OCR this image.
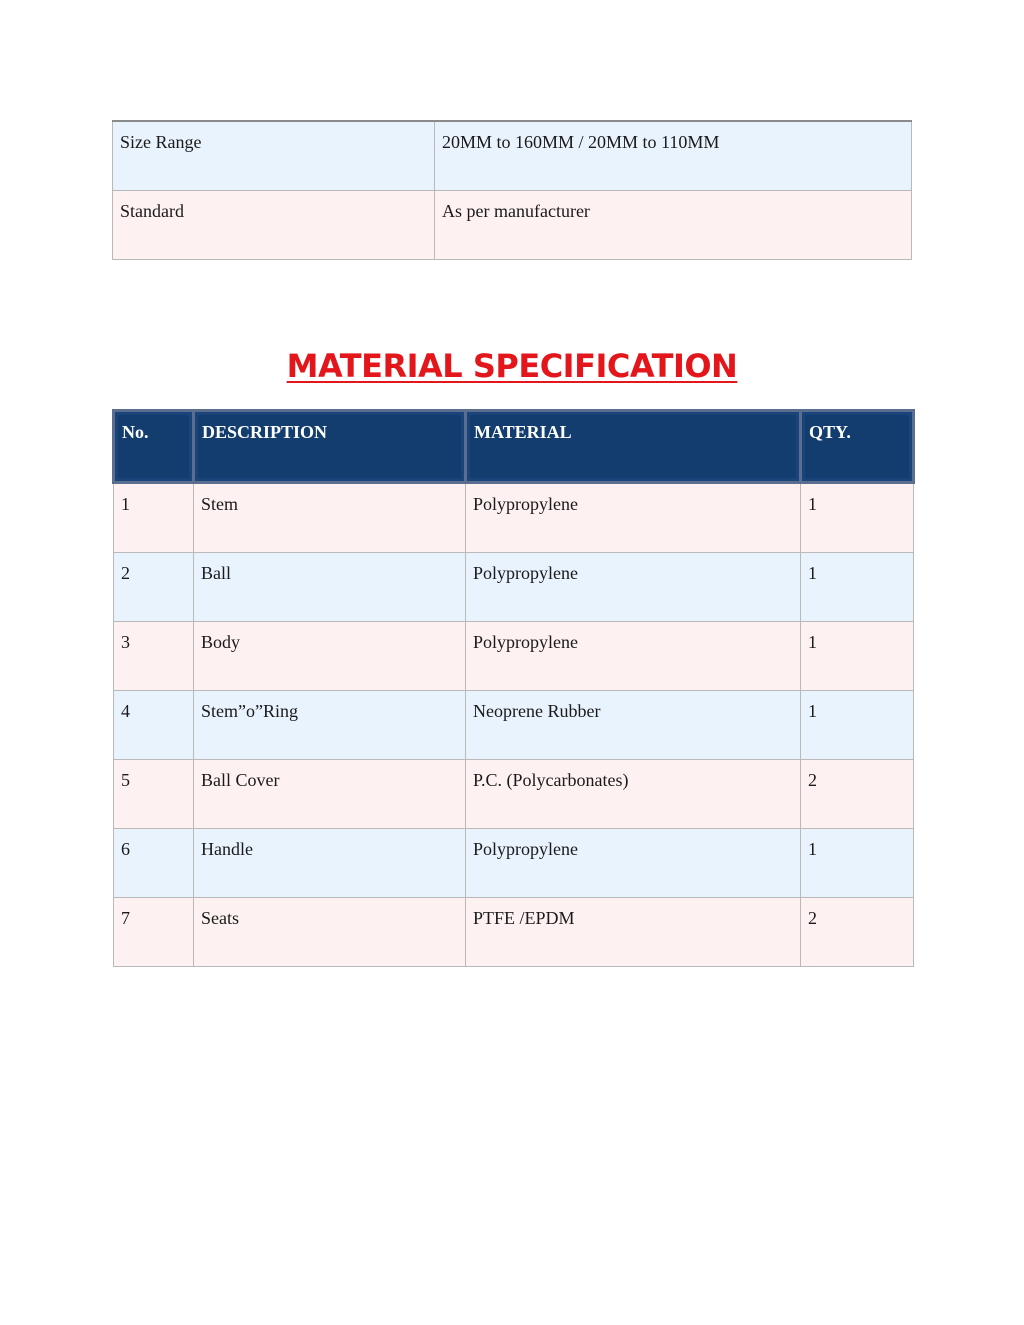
Size Range	20MM to 160MM / 20MM to 110MM
Standard	As per manufacturer
MATERIAL SPECIFICATION
No.	DESCRIPTION	MATERIAL	QTY.
1	Stem	Polypropylene	1
2	Ball	Polypropylene	1
3	Body	Polypropylene	1
4	Stem”o”Ring	Neoprene Rubber	1
5	Ball Cover	P.C. (Polycarbonates)	2
6	Handle	Polypropylene	1
7	Seats	PTFE /EPDM	2
